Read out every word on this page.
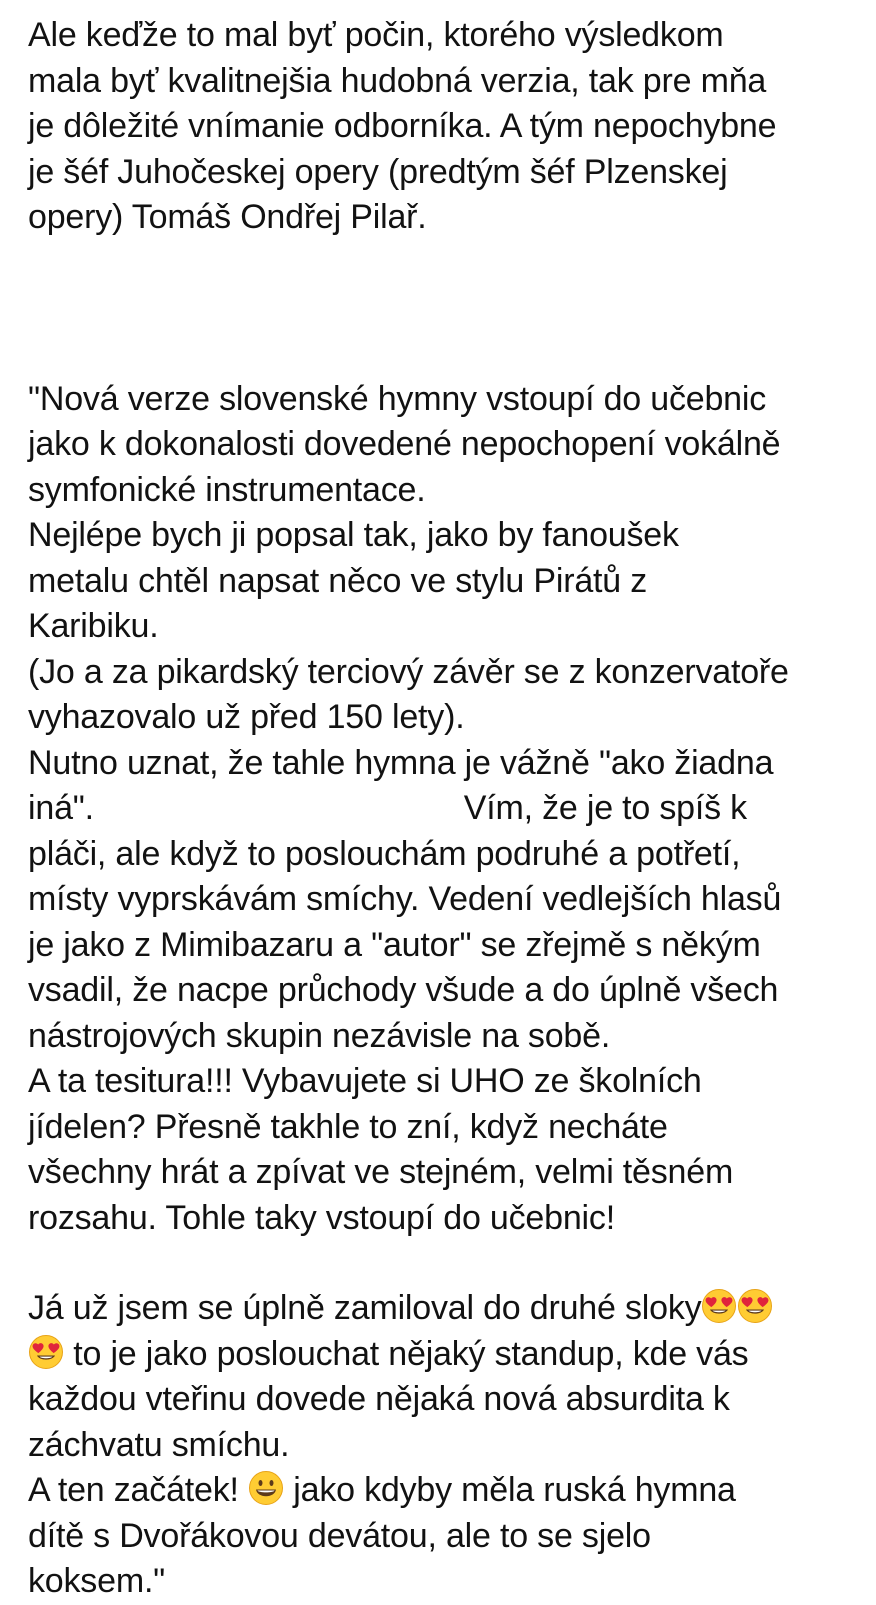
Ale keďže to mal byť počin, ktorého výsledkom
mala byť kvalitnejšia hudobná verzia, tak pre mňa
je dôležité vnímanie odborníka. A tým nepochybne
je šéf Juhočeskej opery (predtým šéf Plzenskej
opery) Tomáš Ondřej Pilař.
"Nová verze slovenské hymny vstoupí do učebnic
jako k dokonalosti dovedené nepochopení vokálně
symfonické instrumentace.
Nejlépe bych ji popsal tak, jako by fanoušek
metalu chtěl napsat něco ve stylu Pirátů z
Karibiku.
(Jo a za pikardský terciový závěr se z konzervatoře
vyhazovalo už před 150 lety).
Nutno uznat, že tahle hymna je vážně "ako žiadna
iná".                                        Vím, že je to spíš k
pláči, ale když to poslouchám podruhé a potřetí,
místy vyprskávám smíchy. Vedení vedlejších hlasů
je jako z Mimibazaru a "autor" se zřejmě s někým
vsadil, že nacpe průchody všude a do úplně všech
nástrojových skupin nezávisle na sobě.
A ta tesitura!!! Vybavujete si UHO ze školních
jídelen? Přesně takhle to zní, když necháte
všechny hrát a zpívat ve stejném, velmi těsném
rozsahu. Tohle taky vstoupí do učebnic!
Já už jsem se úplně zamiloval do druhé sloky
to je jako poslouchat nějaký standup, kde vás
každou vteřinu dovede nějaká nová absurdita k
záchvatu smíchu.
A ten začátek!
jako kdyby měla ruská hymna
dítě s Dvořákovou devátou, ale to se sjelo
koksem."
